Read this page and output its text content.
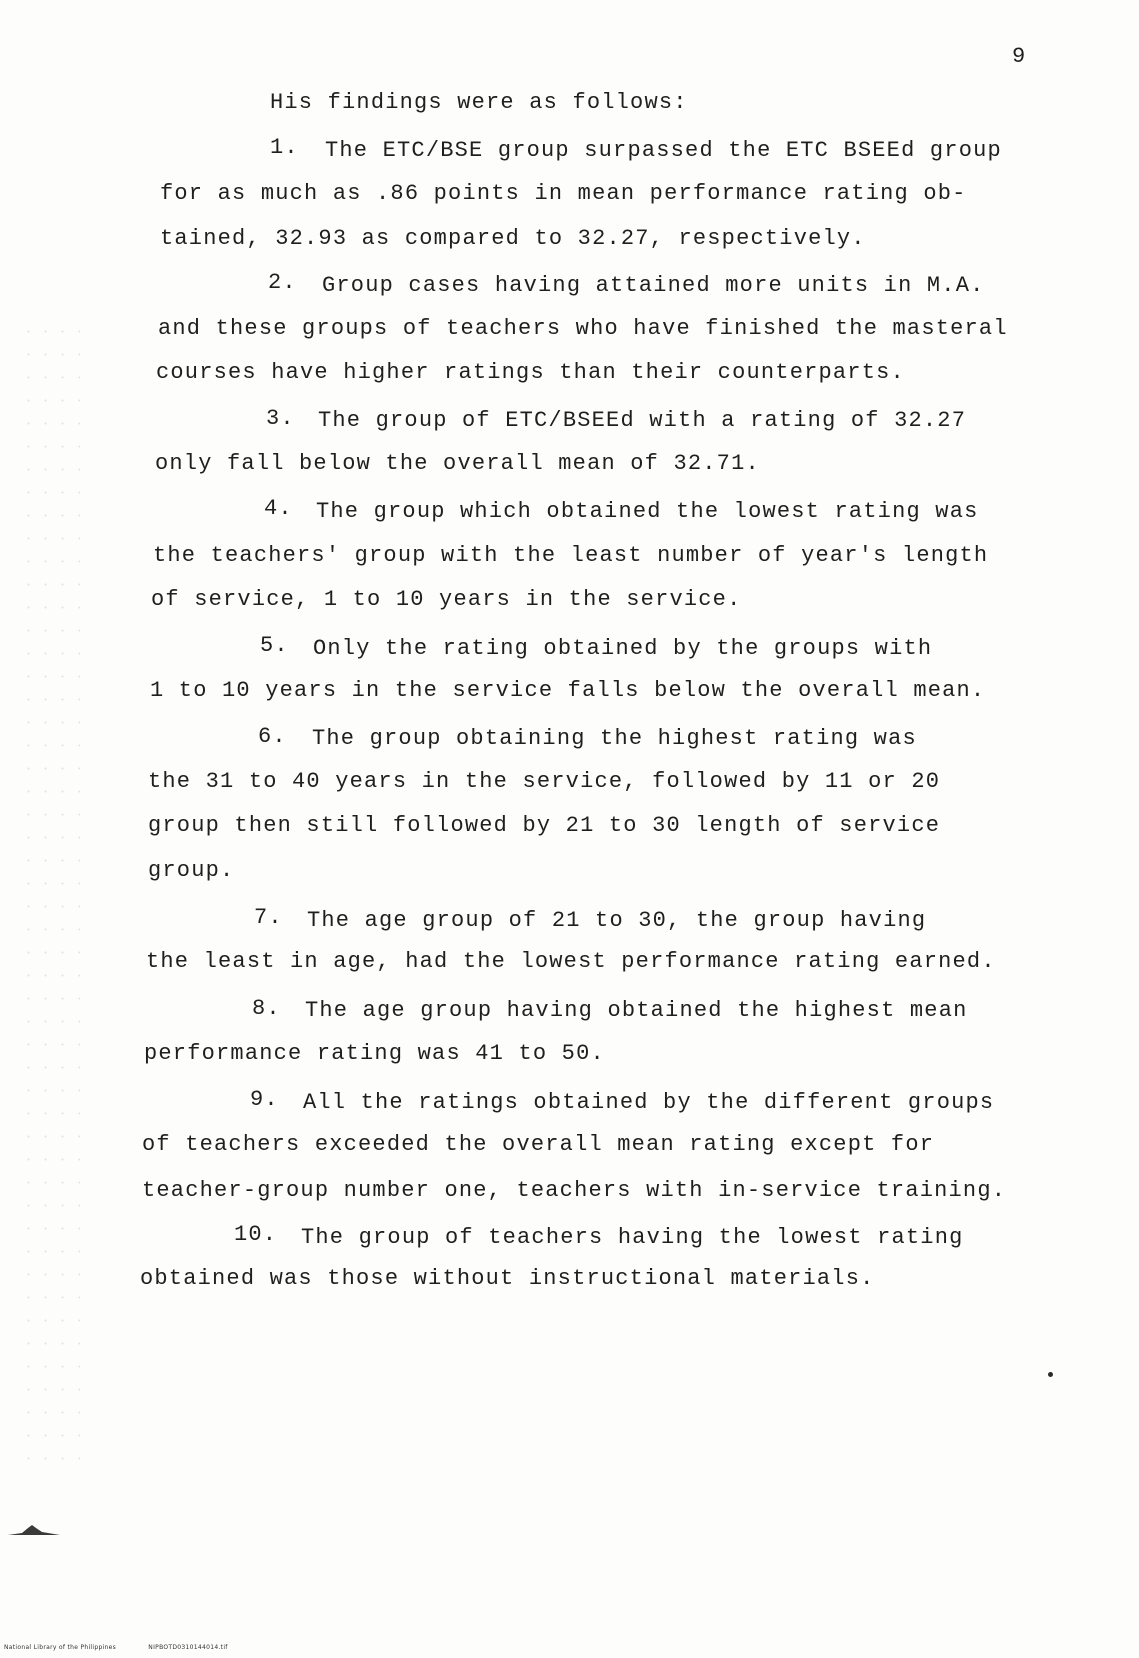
9
His findings were as follows:
1. The ETC/BSE group surpassed the ETC BSEEd group
for as much as .86 points in mean performance rating ob-
tained, 32.93 as compared to 32.27, respectively.
2. Group cases having attained more units in M.A.
and these groups of teachers who have finished the masteral
courses have higher ratings than their counterparts.
3. The group of ETC/BSEEd with a rating of 32.27
only fall below the overall mean of 32.71.
4. The group which obtained the lowest rating was
the teachers' group with the least number of year's length
of service, 1 to 10 years in the service.
5. Only the rating obtained by the groups with
1 to 10 years in the service falls below the overall mean.
6. The group obtaining the highest rating was
the 31 to 40 years in the service, followed by 11 or 20
group then still followed by 21 to 30 length of service
group.
7. The age group of 21 to 30, the group having
the least in age, had the lowest performance rating earned.
8. The age group having obtained the highest mean
performance rating was 41 to 50.
9. All the ratings obtained by the different groups
of teachers exceeded the overall mean rating except for
teacher-group number one, teachers with in-service training.
10. The group of teachers having the lowest rating
obtained was those without instructional materials.
National Library of the Philippines	NIPBOTD0310144014.tif
